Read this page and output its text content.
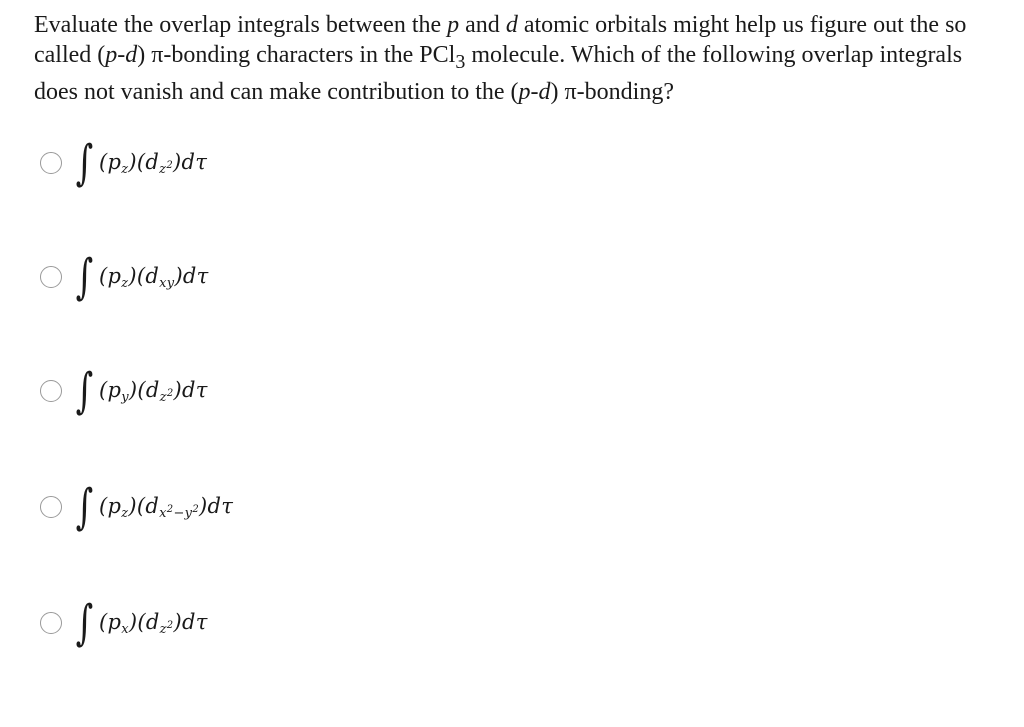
Evaluate the overlap integrals between the p and d atomic orbitals might help us figure out the so called (p-d) π-bonding characters in the PCl$_3$ molecule. Which of the following overlap integrals does not vanish and can make contribution to the (p-d) π-bonding?
∫ $(p_z)(d_{z^2})d\tau$
∫ $(p_z)(d_{xy})d\tau$
∫ $(p_y)(d_{z^2})d\tau$
∫ $(p_z)(d_{x^2-y^2})d\tau$
∫ $(p_x)(d_{z^2})d\tau$
